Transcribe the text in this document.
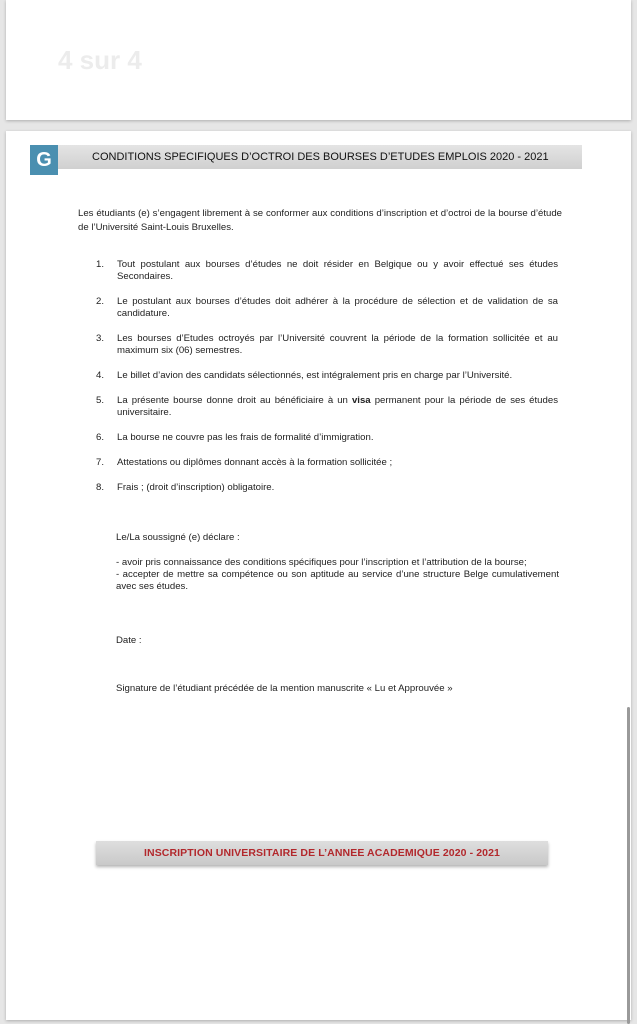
4 sur 4
G	CONDITIONS SPECIFIQUES D’OCTROI DES BOURSES D’ETUDES EMPLOIS 2020 - 2021
Les étudiants (e) s’engagent librement à se conformer aux conditions d’inscription et d’octroi de la bourse d’étude de l’Université Saint-Louis Bruxelles.
1.	Tout postulant aux bourses d’études ne doit résider en Belgique ou y avoir effectué ses études Secondaires.
2.	Le postulant aux bourses d’études doit adhérer à la procédure de sélection et de validation de sa candidature.
3.	Les bourses d’Etudes octroyés par l’Université couvrent la période de la formation sollicitée et au maximum six (06) semestres.
4.	Le billet d’avion des candidats sélectionnés, est intégralement pris en charge par l’Université.
5.	La présente bourse donne droit au bénéficiaire à un visa permanent pour la période de ses études universitaire.
6.	La bourse ne couvre pas les frais de formalité d’immigration.
7.	Attestations ou diplômes donnant accès à la formation sollicitée ;
8.	Frais ; (droit d’inscription) obligatoire.
Le/La soussigné (e) déclare :
- avoir pris connaissance des conditions spécifiques pour l’inscription et l’attribution de la bourse;
- accepter de mettre sa compétence ou son aptitude au service d’une structure Belge cumulativement avec ses études.
Date :
Signature de l’étudiant précédée de la mention manuscrite « Lu et Approuvée »
INSCRIPTION UNIVERSITAIRE DE L’ANNEE ACADEMIQUE 2020 - 2021
